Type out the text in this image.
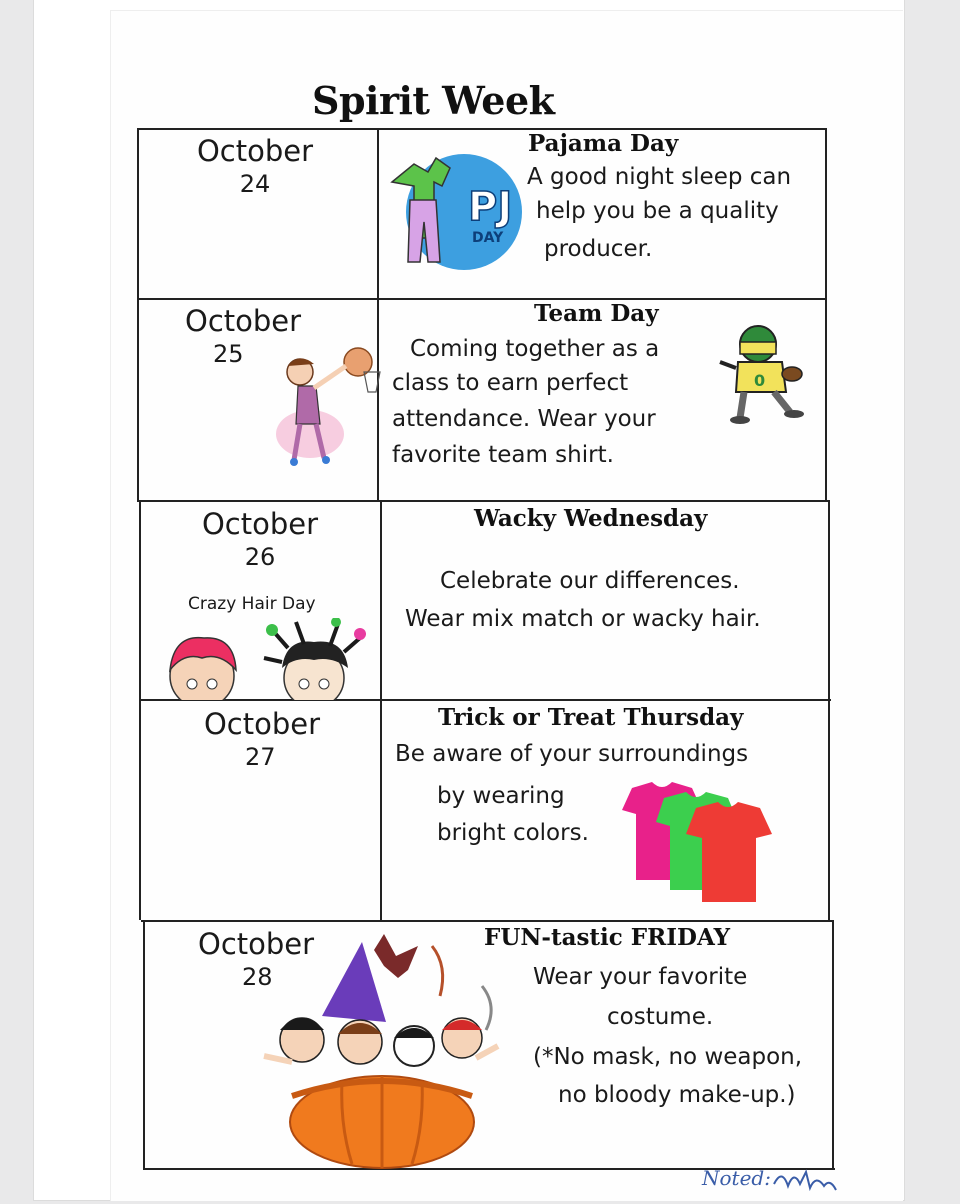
Spirit Week
October
24	PJ
DAY
Pajama Day
A good night sleep can
help you be a quality
producer.
October
25
Team Day
Coming together as a
class to earn perfect
attendance. Wear your
favorite team shirt.
0
October
26
Crazy Hair Day
Wacky Wednesday
Celebrate our differences.
Wear mix match or wacky hair.
October
27
Trick or Treat Thursday
Be aware of your surroundings
by wearing
bright colors.
October
28
FUN-tastic FRIDAY
Wear your favorite
costume.
(*No mask, no weapon,
no bloody make-up.)
Noted:
